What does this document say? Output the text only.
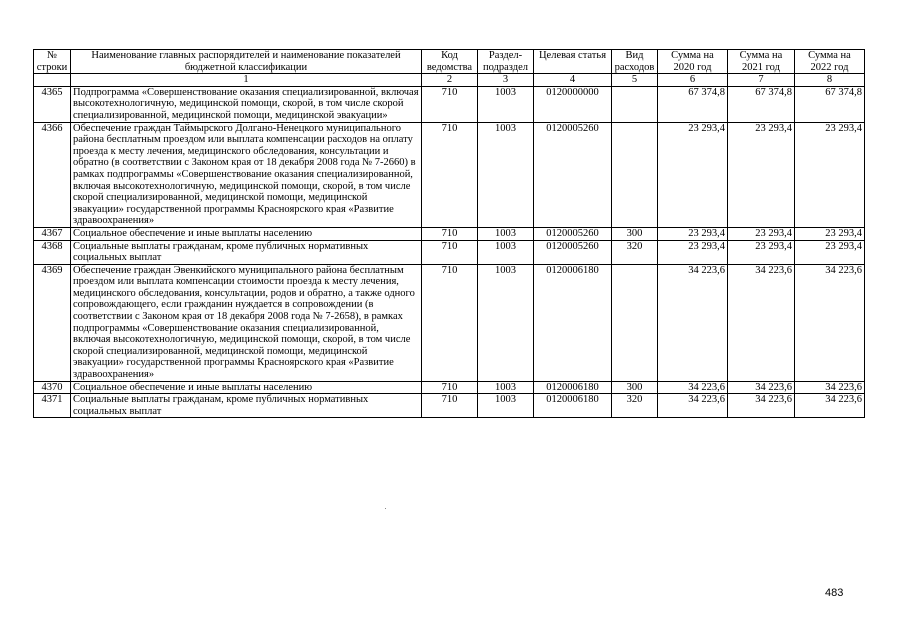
№ строки	Наименование главных распорядителей и наименование показателей бюджетной классификации	Код ведомства	Раздел-подраздел	Целевая статья	Вид расходов	Сумма на 2020 год	Сумма на 2021 год	Сумма на 2022 год
	1	2	3	4	5	6	7	8
4365	Подпрограмма «Совершенствование оказания специализированной, включая высокотехнологичную, медицинской помощи, скорой, в том числе скорой специализированной, медицинской помощи, медицинской эвакуации»	710	1003	0120000000		67 374,8	67 374,8	67 374,8
4366	Обеспечение граждан Таймырского Долгано-Ненецкого муниципального района бесплатным проездом или выплата компенсации расходов на оплату проезда к месту лечения, медицинского обследования, консультации и обратно (в соответствии с Законом края от 18 декабря 2008 года № 7-2660) в рамках подпрограммы «Совершенствование оказания специализированной, включая высокотехнологичную, медицинской помощи, скорой, в том числе скорой специализированной, медицинской помощи, медицинской эвакуации» государственной программы Красноярского края «Развитие здравоохранения»	710	1003	0120005260		23 293,4	23 293,4	23 293,4
4367	Социальное обеспечение и иные выплаты населению	710	1003	0120005260	300	23 293,4	23 293,4	23 293,4
4368	Социальные выплаты гражданам, кроме публичных нормативных социальных выплат	710	1003	0120005260	320	23 293,4	23 293,4	23 293,4
4369	Обеспечение граждан Эвенкийского муниципального района бесплатным проездом или выплата компенсации стоимости проезда к месту лечения, медицинского обследования, консультации, родов и обратно, а также одного сопровождающего, если гражданин нуждается в сопровождении (в соответствии с Законом края от 18 декабря 2008 года № 7-2658), в рамках подпрограммы «Совершенствование оказания специализированной, включая высокотехнологичную, медицинской помощи, скорой, в том числе скорой специализированной, медицинской помощи, медицинской эвакуации» государственной программы Красноярского края «Развитие здравоохранения»	710	1003	0120006180		34 223,6	34 223,6	34 223,6
4370	Социальное обеспечение и иные выплаты населению	710	1003	0120006180	300	34 223,6	34 223,6	34 223,6
4371	Социальные выплаты гражданам, кроме публичных нормативных социальных выплат	710	1003	0120006180	320	34 223,6	34 223,6	34 223,6
483
